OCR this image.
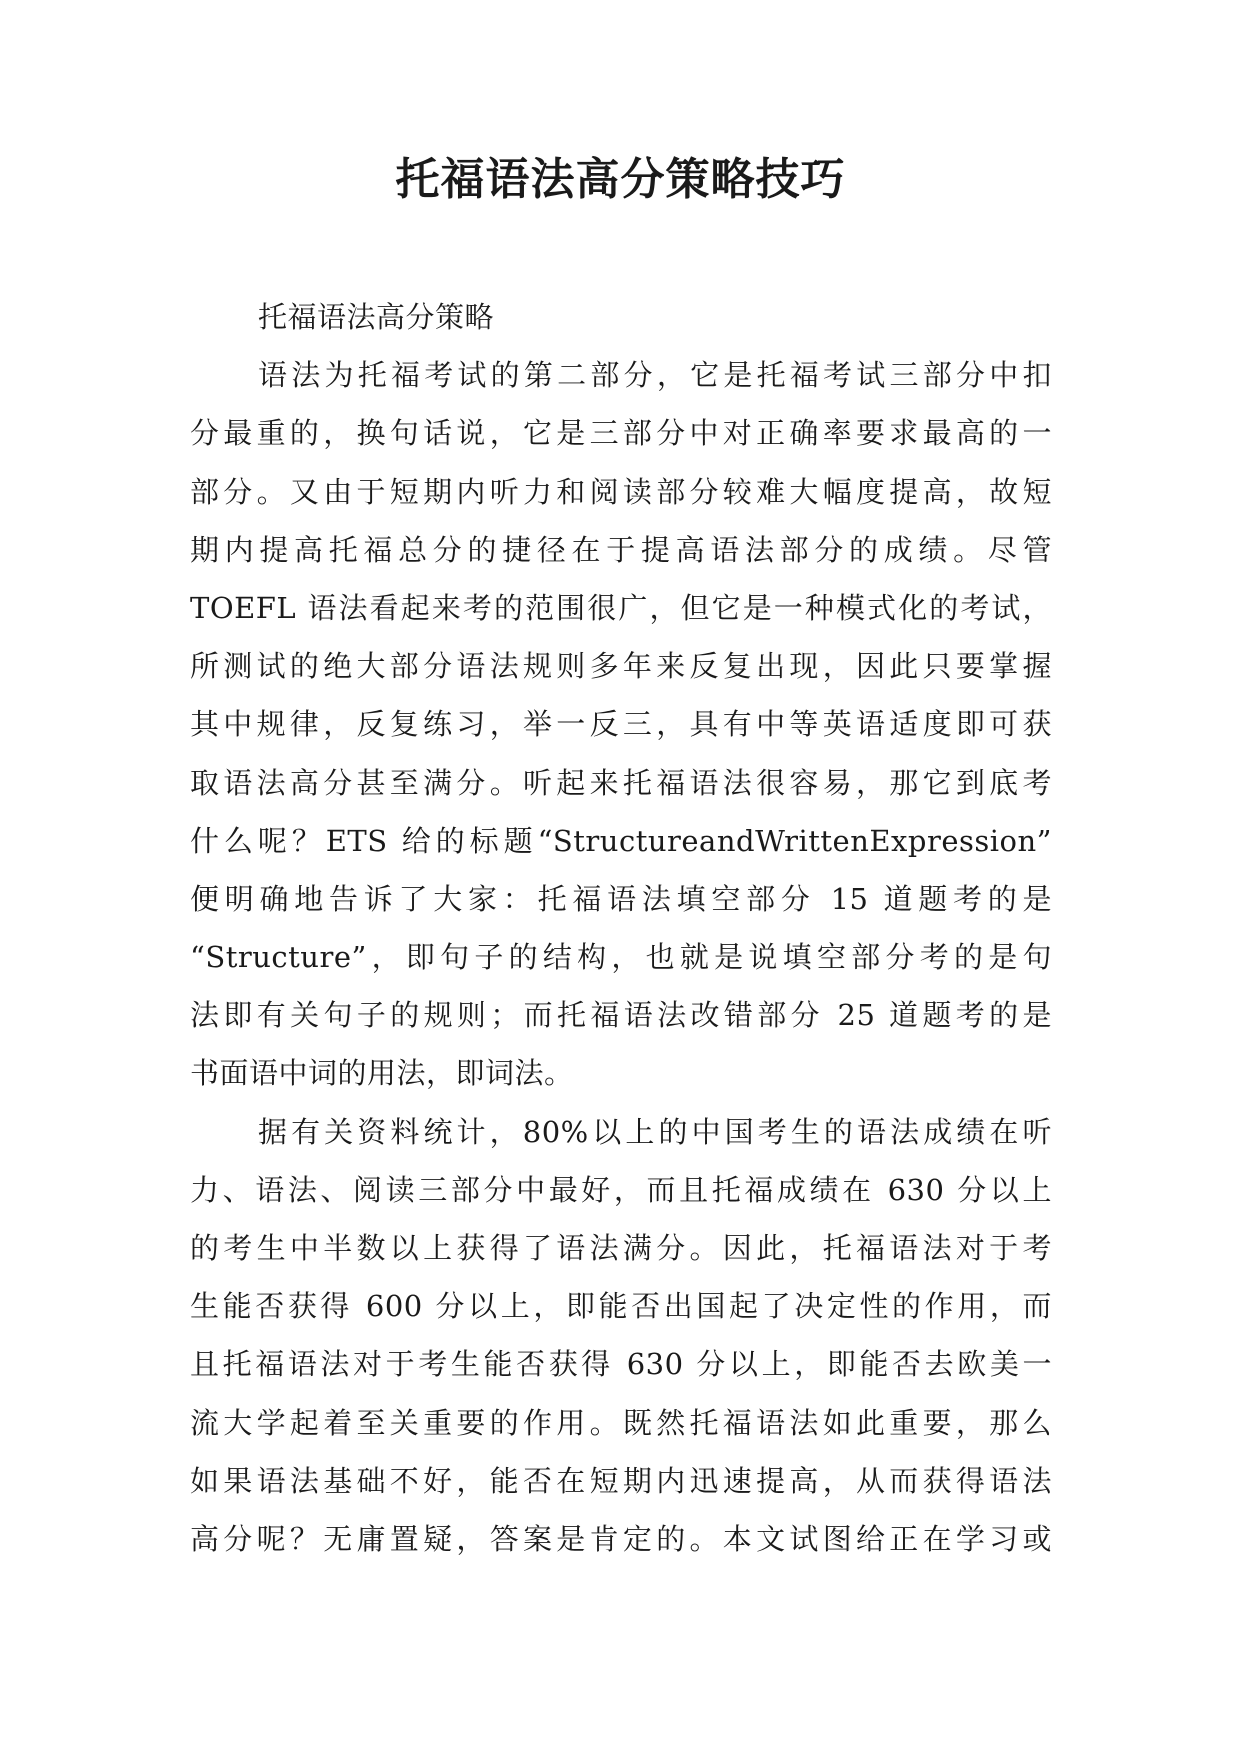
托福语法高分策略技巧
托福语法高分策略
语法为托福考试的第二部分，它是托福考试三部分中扣
分最重的，换句话说，它是三部分中对正确率要求最高的一
部分。又由于短期内听力和阅读部分较难大幅度提高，故短
期内提高托福总分的捷径在于提高语法部分的成绩。尽管
TOEFL 语法看起来考的范围很广，但它是一种模式化的考试，
所测试的绝大部分语法规则多年来反复出现，因此只要掌握
其中规律，反复练习，举一反三，具有中等英语适度即可获
取语法高分甚至满分。听起来托福语法很容易，那它到底考
什么呢？ETS 给的标题“StructureandWrittenExpression”
便明确地告诉了大家：托福语法填空部分 15 道题考的是
“Structure”，即句子的结构，也就是说填空部分考的是句
法即有关句子的规则；而托福语法改错部分 25 道题考的是
书面语中词的用法，即词法。
据有关资料统计，80%以上的中国考生的语法成绩在听
力、语法、阅读三部分中最好，而且托福成绩在 630 分以上
的考生中半数以上获得了语法满分。因此，托福语法对于考
生能否获得 600 分以上，即能否出国起了决定性的作用，而
且托福语法对于考生能否获得 630 分以上，即能否去欧美一
流大学起着至关重要的作用。既然托福语法如此重要，那么
如果语法基础不好，能否在短期内迅速提高，从而获得语法
高分呢？无庸置疑，答案是肯定的。本文试图给正在学习或
